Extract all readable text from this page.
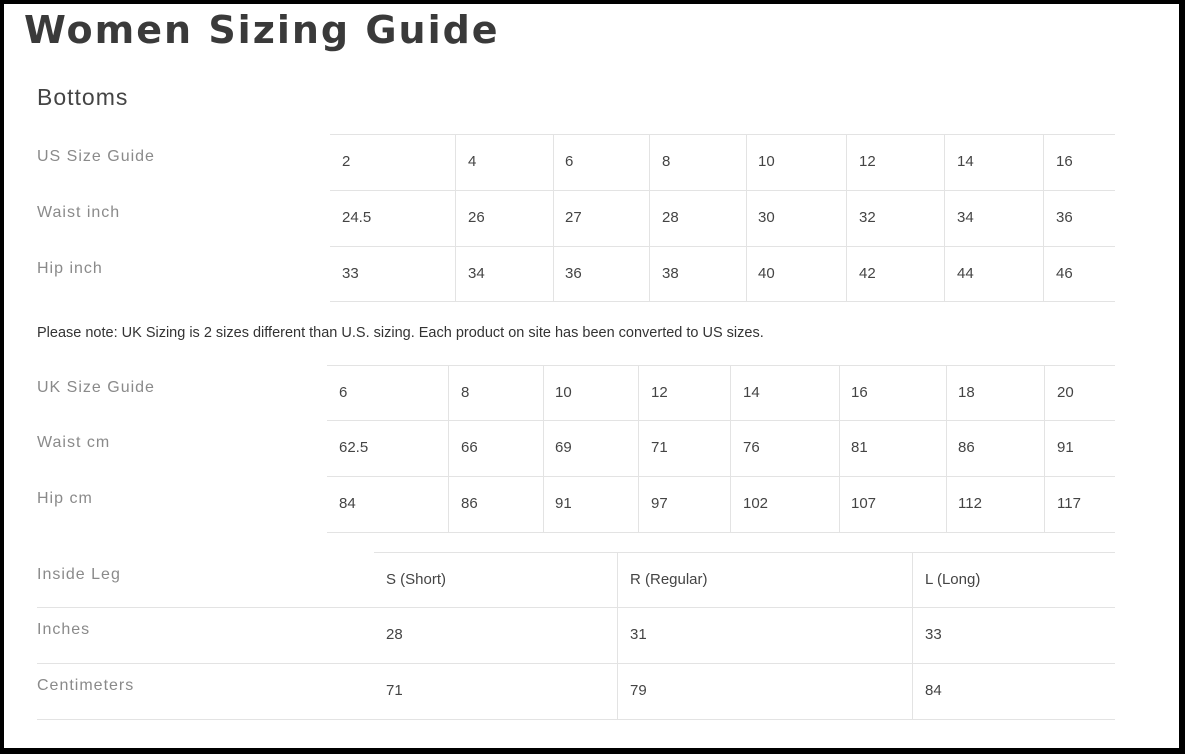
Women Sizing Guide
Bottoms
US Size Guide	2	4	6	8	10	12	14	16
Waist inch	24.5	26	27	28	30	32	34	36
Hip inch	33	34	36	38	40	42	44	46
Please note: UK Sizing is 2 sizes different than U.S. sizing. Each product on site has been converted to US sizes.
UK Size Guide	6	8	10	12	14	16	18	20
Waist cm	62.5	66	69	71	76	81	86	91
Hip cm	84	86	91	97	102	107	112	117
Inside Leg	S (Short)	R (Regular)	L (Long)
Inches	28	31	33
Centimeters	71	79	84
